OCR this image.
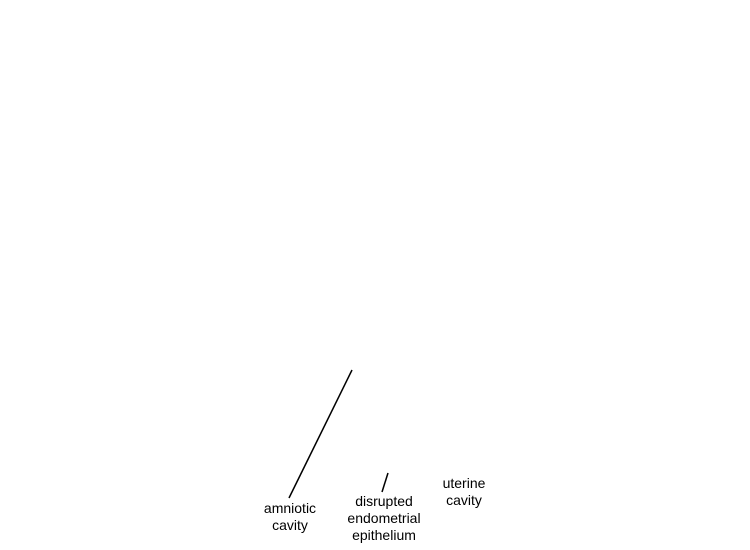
amniotic
cavity
disrupted
endometrial
epithelium
uterine
cavity
